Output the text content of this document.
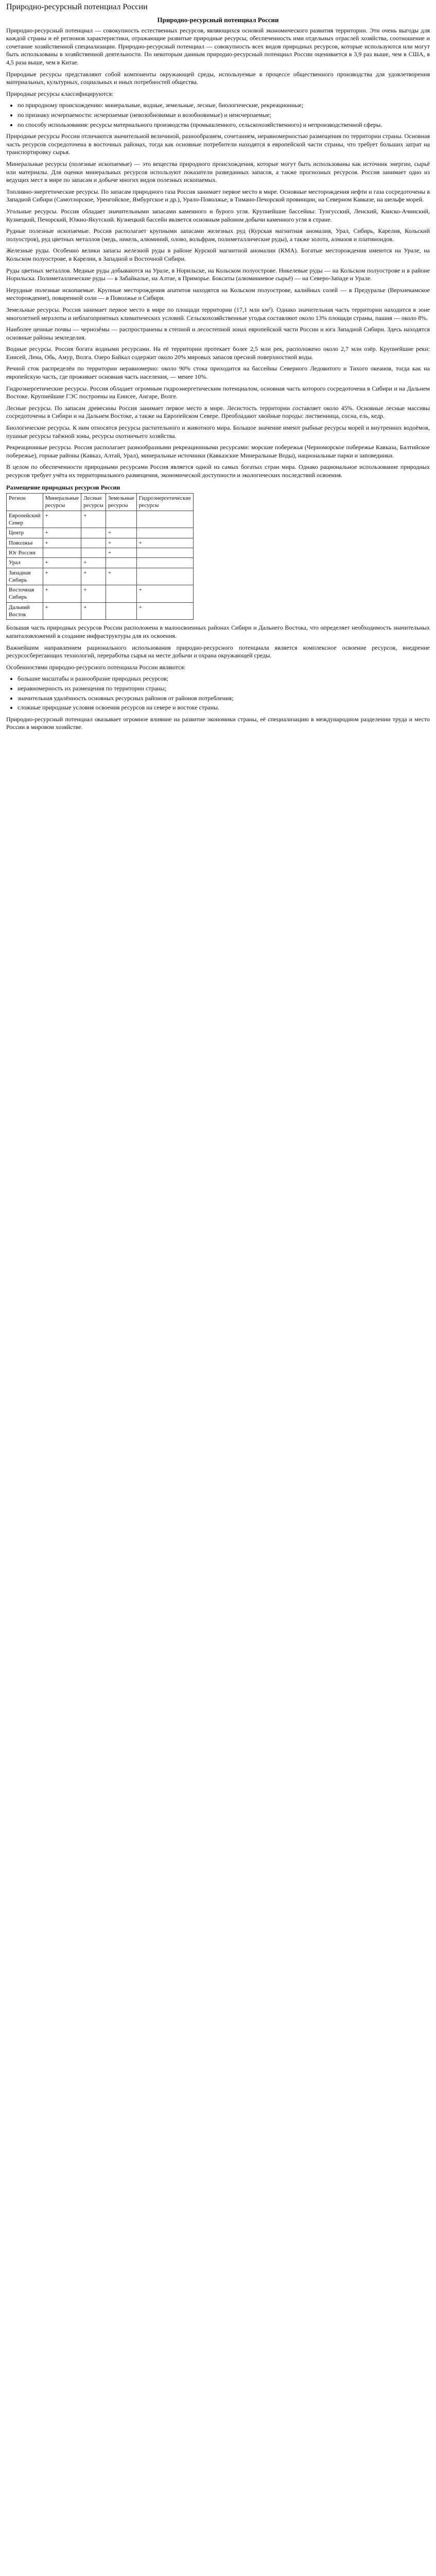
Природно-ресурсный потенциал России
Природно-ресурсный потенциал России

Природно-ресурсный потенциал — совокупность естественных ресурсов, являющихся основой экономического развития территории. Эти очень выгоды для каждой страны и её регионов характеристики, отражающие развитые природные ресурсы, обеспеченность ими отдельных отраслей хозяйства, соотношение и сочетание хозяйственной специализации. Природно-ресурсный потенциал — совокупность всех видов природных ресурсов, которые используются или могут быть использованы в хозяйственной деятельности. По некоторым данным природно-ресурсный потенциал России оценивается в 3,9 раз выше, чем в США, в 4,5 раза выше, чем в Китае.

Природные ресурсы представляют собой компоненты окружающей среды, используемые в процессе общественного производства для удовлетворения материальных, культурных, социальных и иных потребностей общества.

Природные ресурсы классифицируются:

• по природному происхождению: минеральные, водные, земельные, лесные, биологические, рекреационные;
• по признаку исчерпаемости: исчерпаемые (невозобновимые и возобновимые) и неисчерпаемые;
• по способу использования: ресурсы материального производства (промышленного, сельскохозяйственного) и непроизводственной сферы.

Природные ресурсы России отличаются значительной величиной, разнообразием, сочетанием, неравномерностью размещения по территории страны. Основная часть ресурсов сосредоточена в восточных районах, тогда как основные потребители находятся в европейской части страны, что требует больших затрат на транспортировку сырья.

Минеральные ресурсы (полезные ископаемые) — это вещества природного происхождения, которые могут быть использованы как источник энергии, сырьё или материалы. Для оценки минеральных ресурсов используют показатели разведанных запасов, а также прогнозных ресурсов. Россия занимает одно из ведущих мест в мире по запасам и добыче многих видов полезных ископаемых.

Топливно-энергетические ресурсы. По запасам природного газа Россия занимает первое место в мире. Основные месторождения нефти и газа сосредоточены в Западной Сибири (Самотлорское, Уренгойское, Ямбургское и др.), Урало-Поволжье, в Тимано-Печорской провинции, на Северном Кавказе, на шельфе морей.

Угольные ресурсы. Россия обладает значительными запасами каменного и бурого угля. Крупнейшие бассейны: Тунгусский, Ленский, Канско-Ачинский, Кузнецкий, Печорский, Южно-Якутский. Кузнецкий бассейн является основным районом добычи каменного угля в стране.

Рудные полезные ископаемые. Россия располагает крупными запасами железных руд (Курская магнитная аномалия, Урал, Сибирь, Карелия, Кольский полуостров), руд цветных металлов (медь, никель, алюминий, олово, вольфрам, полиметаллические руды), а также золота, алмазов и платиноидов.

Железные руды. Особенно велики запасы железной руды в районе Курской магнитной аномалии (КМА). Богатые месторождения имеются на Урале, на Кольском полуострове, в Карелии, в Западной и Восточной Сибири.

Руды цветных металлов. Медные руды добываются на Урале, в Норильске, на Кольском полуострове. Никелевые руды — на Кольском полуострове и в районе Норильска. Полиметаллические руды — в Забайкалье, на Алтае, в Приморье. Бокситы (алюминиевое сырьё) — на Северо-Западе и Урале.

Нерудные полезные ископаемые. Крупные месторождения апатитов находятся на Кольском полуострове, калийных солей — в Предуралье (Верхнекамское месторождение), поваренной соли — в Поволжье и Сибири.

Земельные ресурсы. Россия занимает первое место в мире по площади территории (17,1 млн км²). Однако значительная часть территории находится в зоне многолетней мерзлоты и неблагоприятных климатических условий. Сельскохозяйственные угодья составляют около 13% площади страны, пашня — около 8%.

Наиболее ценные почвы — чернозёмы — распространены в степной и лесостепной зонах европейской части России и юга Западной Сибири. Здесь находятся основные районы земледелия.

Водные ресурсы. Россия богата водными ресурсами. На её территории протекает более 2,5 млн рек, расположено около 2,7 млн озёр. Крупнейшие реки: Енисей, Лена, Обь, Амур, Волга. Озеро Байкал содержит около 20% мировых запасов пресной поверхностной воды.

Речной сток распределён по территории неравномерно: около 90% стока приходится на бассейны Северного Ледовитого и Тихого океанов, тогда как на европейскую часть, где проживает основная часть населения, — менее 10%.

Гидроэнергетические ресурсы. Россия обладает огромным гидроэнергетическим потенциалом, основная часть которого сосредоточена в Сибири и на Дальнем Востоке. Крупнейшие ГЭС построены на Енисее, Ангаре, Волге.

Лесные ресурсы. По запасам древесины Россия занимает первое место в мире. Лесистость территории составляет около 45%. Основные лесные массивы сосредоточены в Сибири и на Дальнем Востоке, а также на Европейском Севере. Преобладают хвойные породы: лиственница, сосна, ель, кедр.

Биологические ресурсы. К ним относятся ресурсы растительного и животного мира. Большое значение имеют рыбные ресурсы морей и внутренних водоёмов, пушные ресурсы таёжной зоны, ресурсы охотничьего хозяйства.

Рекреационные ресурсы. Россия располагает разнообразными рекреационными ресурсами: морские побережья (Черноморское побережье Кавказа, Балтийское побережье), горные районы (Кавказ, Алтай, Урал), минеральные источники (Кавказские Минеральные Воды), национальные парки и заповедники.

В целом по обеспеченности природными ресурсами Россия является одной из самых богатых стран мира. Однако рациональное использование природных ресурсов требует учёта их территориального размещения, экономической доступности и экологических последствий освоения.

Размещение природных ресурсов России
Регион	Минеральные ресурсы	Лесные ресурсы	Земельные ресурсы	Гидроэнергетические ресурсы
Европейский Север	+	+		
Центр	+		+	
Поволжье	+		+	+
Юг России			+	
Урал	+	+		
Западная Сибирь	+	+	+	
Восточная Сибирь	+	+		+
Дальний Восток	+	+		+

Большая часть природных ресурсов России расположена в малоосвоенных районах Сибири и Дальнего Востока, что определяет необходимость значительных капиталовложений в создание инфраструктуры для их освоения.

Важнейшим направлением рационального использования природно-ресурсного потенциала является комплексное освоение ресурсов, внедрение ресурсосберегающих технологий, переработка сырья на месте добычи и охрана окружающей среды.

Особенностями природно-ресурсного потенциала России являются:

• большие масштабы и разнообразие природных ресурсов;
• неравномерность их размещения по территории страны;
• значительная удалённость основных ресурсных районов от районов потребления;
• сложные природные условия освоения ресурсов на севере и востоке страны.

Природно-ресурсный потенциал оказывает огромное влияние на развитие экономики страны, её специализацию в международном разделении труда и место России в мировом хозяйстве.
